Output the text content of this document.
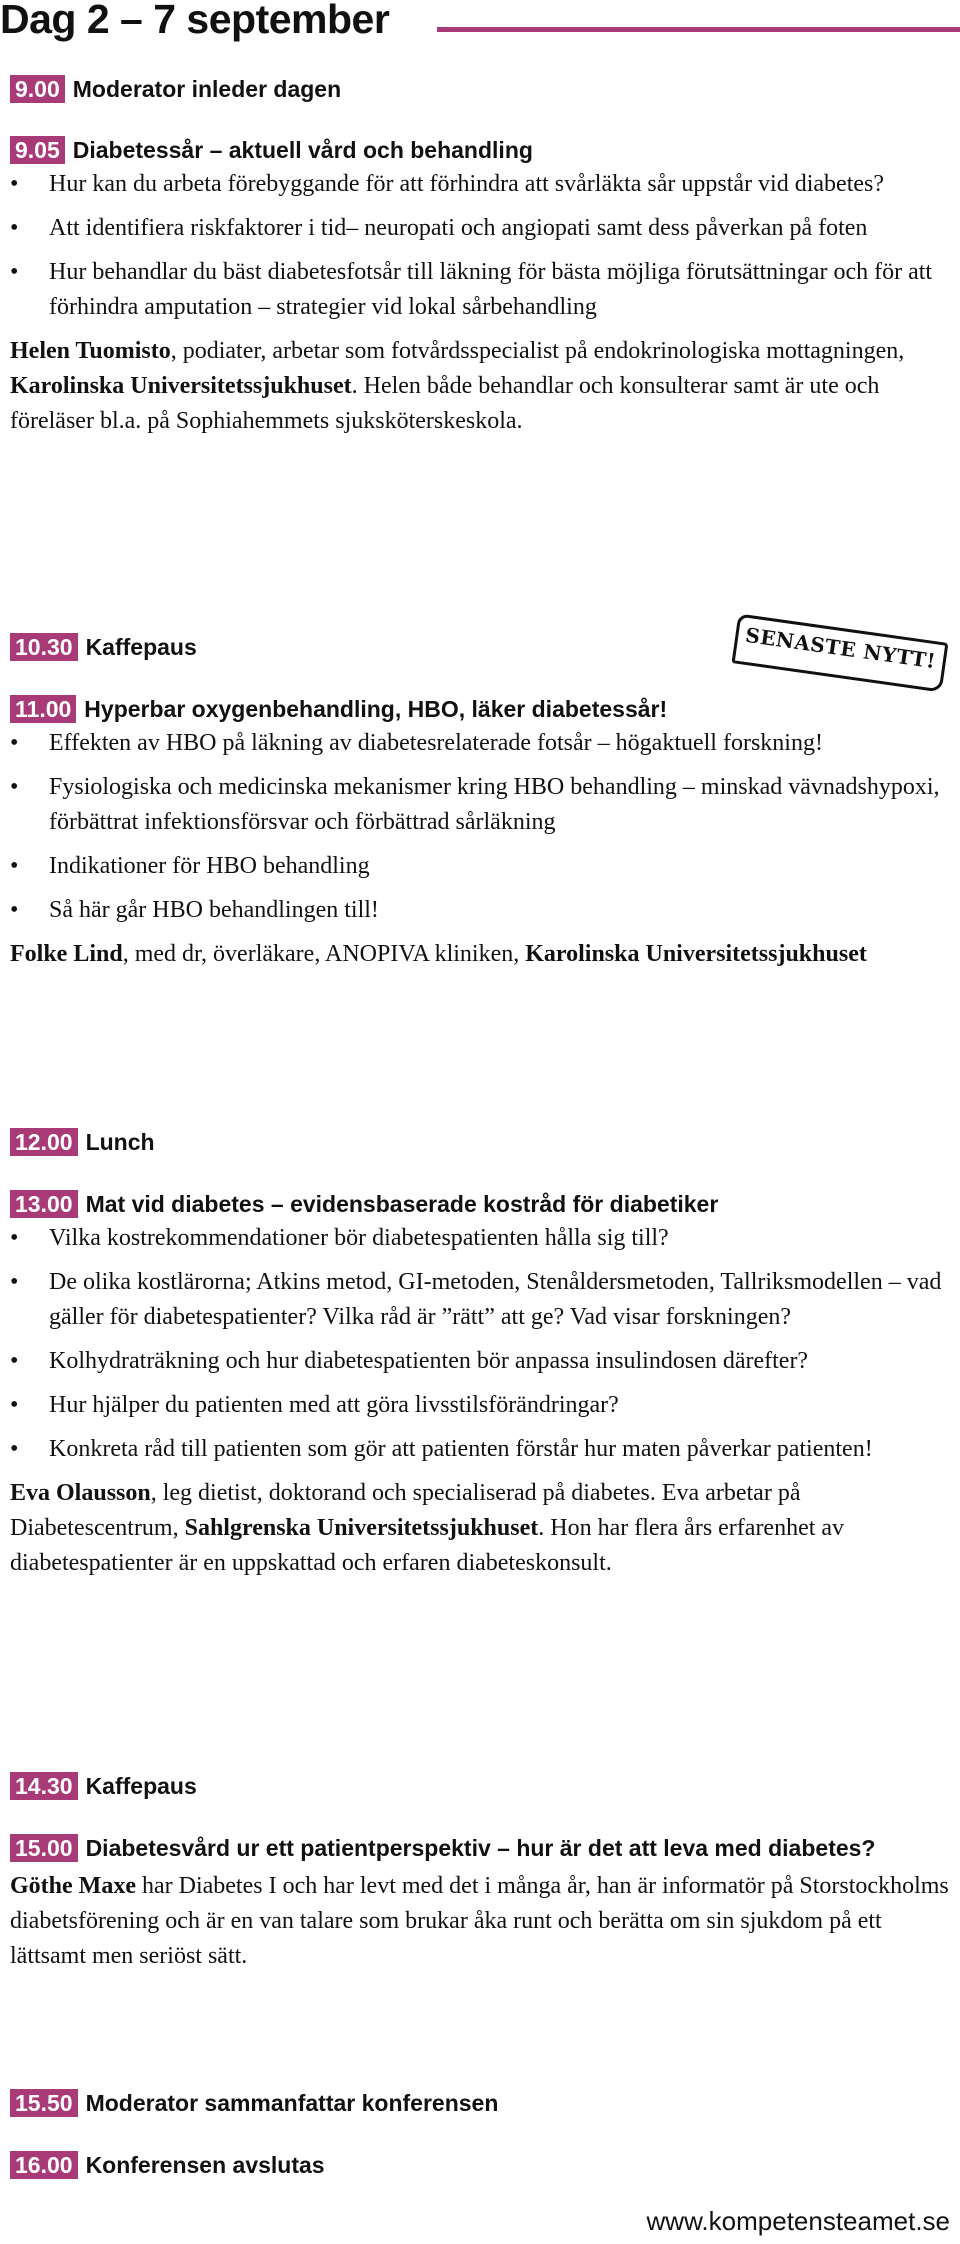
Dag 2 – 7 september
9.00 Moderator inleder dagen
9.05 Diabetessår – aktuell vård och behandling
• Hur kan du arbeta förebyggande för att förhindra att svårläkta sår uppstår vid diabetes?
• Att identifiera riskfaktorer i tid– neuropati och angiopati samt dess påverkan på foten
• Hur behandlar du bäst diabetesfotsår till läkning för bästa möjliga förutsättningar och för att förhindra amputation – strategier vid lokal sårbehandling
Helen Tuomisto, podiater, arbetar som fotvårdsspecialist på endokrinologiska mottagningen, Karolinska Universitetssjukhuset. Helen både behandlar och konsulterar samt är ute och föreläser bl.a. på Sophiahemmets sjuksköterskeskola.
10.30 Kaffepaus	SENASTE NYTT!
11.00 Hyperbar oxygenbehandling, HBO, läker diabetessår!
• Effekten av HBO på läkning av diabetesrelaterade fotsår – högaktuell forskning!
• Fysiologiska och medicinska mekanismer kring HBO behandling – minskad vävnadshypoxi, förbättrat infektionsförsvar och förbättrad sårläkning
• Indikationer för HBO behandling
• Så här går HBO behandlingen till!
Folke Lind, med dr, överläkare, ANOPIVA kliniken, Karolinska Universitetssjukhuset
12.00 Lunch
13.00 Mat vid diabetes – evidensbaserade kostråd för diabetiker
• Vilka kostrekommendationer bör diabetespatienten hålla sig till?
• De olika kostlärorna; Atkins metod, GI-metoden, Stenåldersmetoden, Tallriksmodellen – vad gäller för diabetespatienter? Vilka råd är ”rätt” att ge? Vad visar forskningen?
• Kolhydraträkning och hur diabetespatienten bör anpassa insulindosen därefter?
• Hur hjälper du patienten med att göra livsstilsförändringar?
• Konkreta råd till patienten som gör att patienten förstår hur maten påverkar patienten!
Eva Olausson, leg dietist, doktorand och specialiserad på diabetes. Eva arbetar på Diabetescentrum, Sahlgrenska Universitetssjukhuset. Hon har flera års erfarenhet av diabetespatienter är en uppskattad och erfaren diabeteskonsult.
14.30 Kaffepaus
15.00 Diabetesvård ur ett patientperspektiv – hur är det att leva med diabetes?
Göthe Maxe har Diabetes I och har levt med det i många år, han är informatör på Storstockholms diabetsförening och är en van talare som brukar åka runt och berätta om sin sjukdom på ett lättsamt men seriöst sätt.
15.50 Moderator sammanfattar konferensen
16.00 Konferensen avslutas
www.kompetensteamet.se
